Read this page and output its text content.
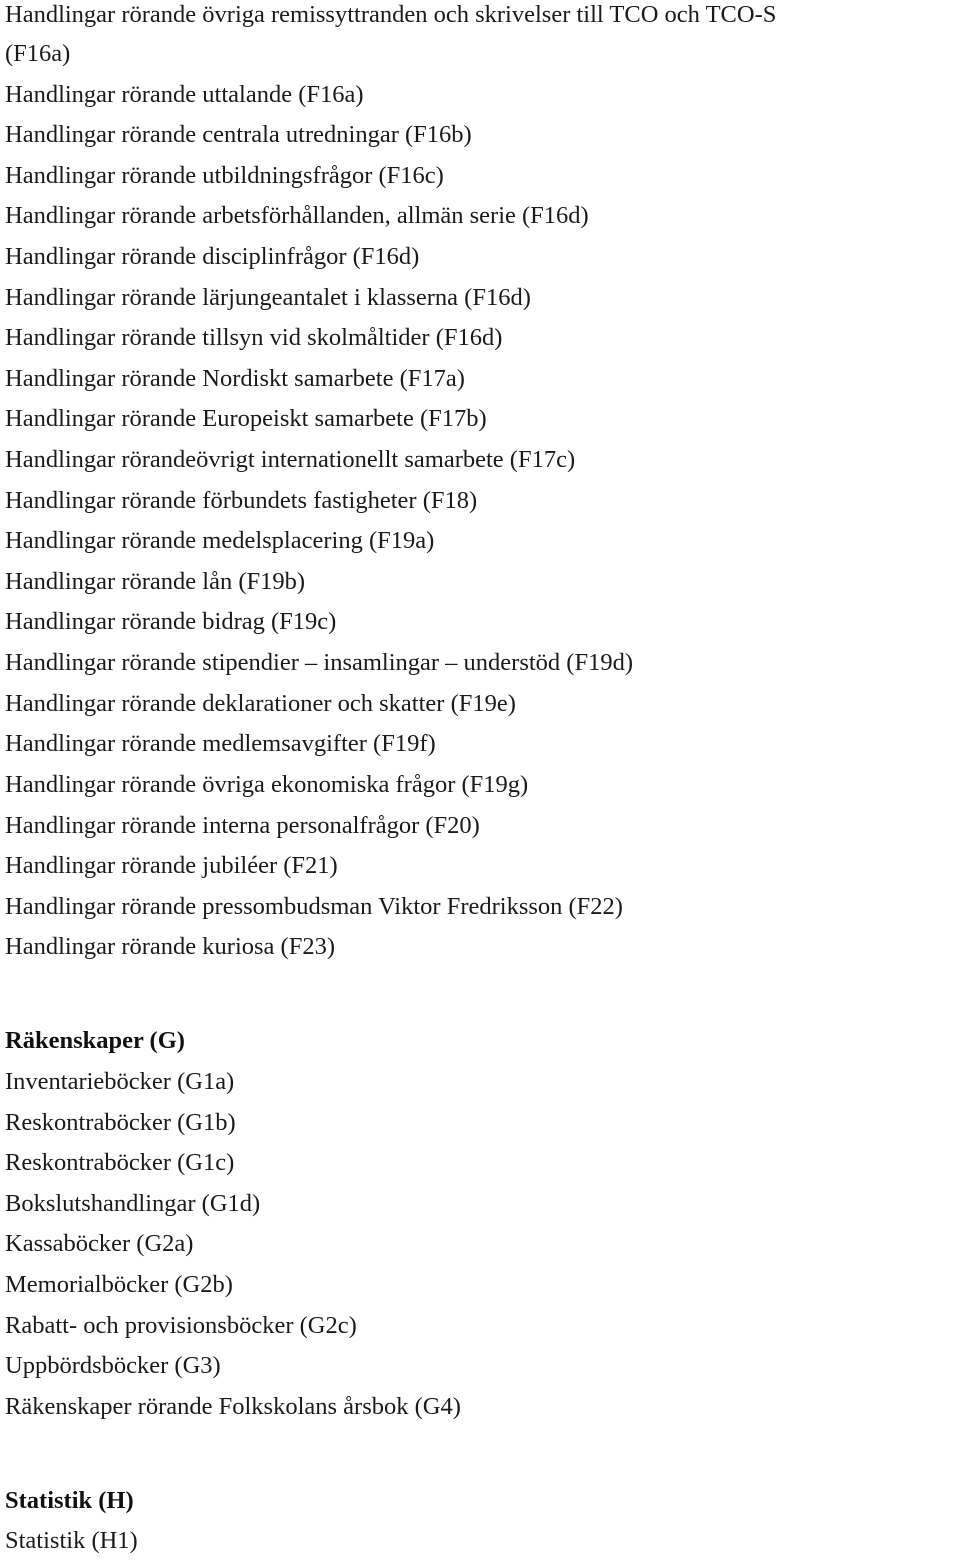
Handlingar rörande övriga remissyttranden och skrivelser till TCO och TCO-S
(F16a)
Handlingar rörande uttalande (F16a)
Handlingar rörande centrala utredningar (F16b)
Handlingar rörande utbildningsfrågor (F16c)
Handlingar rörande arbetsförhållanden, allmän serie (F16d)
Handlingar rörande disciplinfrågor (F16d)
Handlingar rörande lärjungeantalet i klasserna (F16d)
Handlingar rörande tillsyn vid skolmåltider (F16d)
Handlingar rörande Nordiskt samarbete (F17a)
Handlingar rörande Europeiskt samarbete (F17b)
Handlingar rörandeövrigt internationellt samarbete (F17c)
Handlingar rörande förbundets fastigheter (F18)
Handlingar rörande medelsplacering (F19a)
Handlingar rörande lån (F19b)
Handlingar rörande bidrag (F19c)
Handlingar rörande stipendier – insamlingar – understöd (F19d)
Handlingar rörande deklarationer och skatter (F19e)
Handlingar rörande medlemsavgifter (F19f)
Handlingar rörande övriga ekonomiska frågor (F19g)
Handlingar rörande interna personalfrågor (F20)
Handlingar rörande jubiléer (F21)
Handlingar rörande pressombudsman Viktor Fredriksson (F22)
Handlingar rörande kuriosa (F23)
Räkenskaper (G)
Inventarieböcker (G1a)
Reskontraböcker (G1b)
Reskontraböcker (G1c)
Bokslutshandlingar (G1d)
Kassaböcker (G2a)
Memorialböcker (G2b)
Rabatt- och provisionsböcker (G2c)
Uppbördsböcker (G3)
Räkenskaper rörande Folkskolans årsbok (G4)
Statistik (H)
Statistik (H1)
